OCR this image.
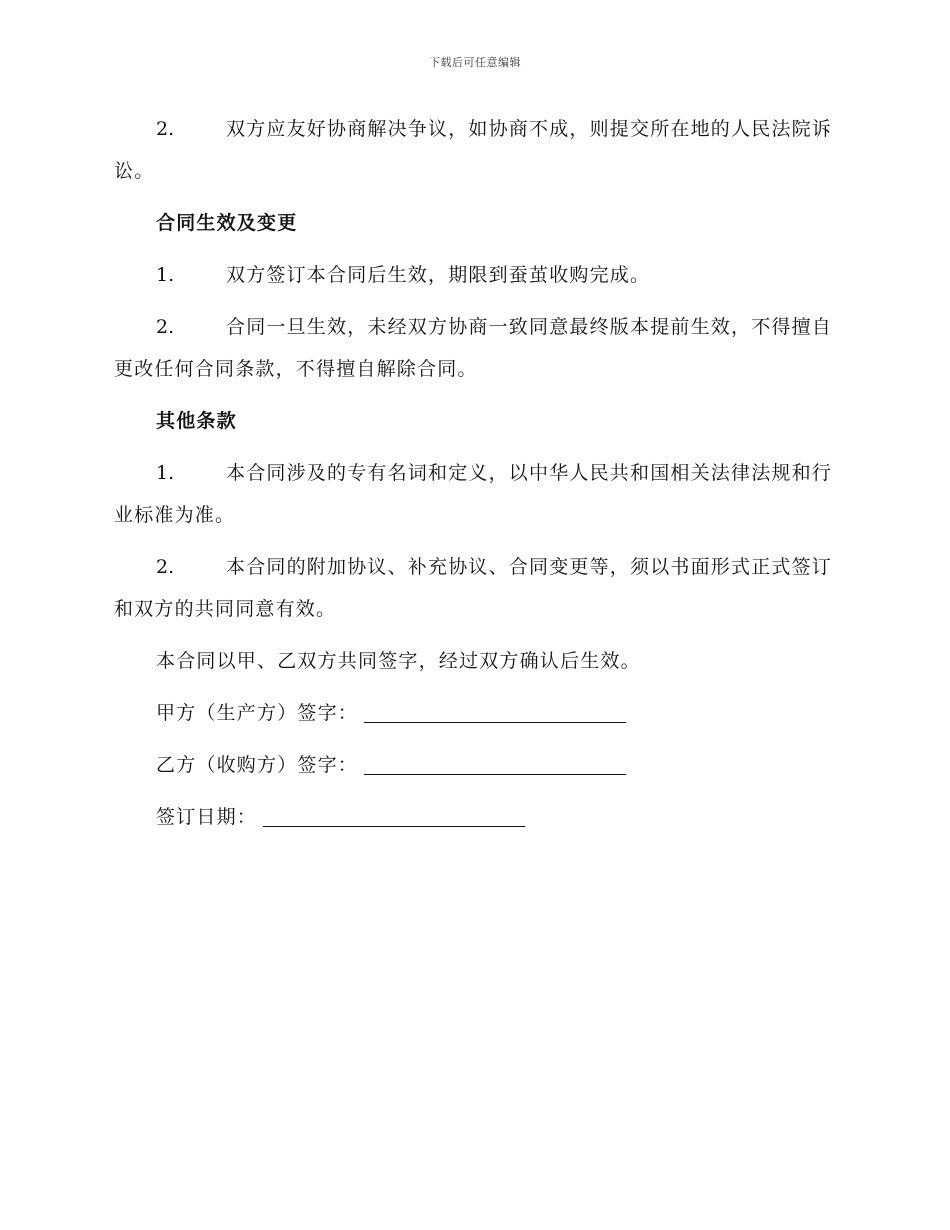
下载后可任意编辑

2.	双方应友好协商解决争议，如协商不成，则提交所在地的人民法院诉讼。

合同生效及变更

1.	双方签订本合同后生效，期限到蚕茧收购完成。

2.	合同一旦生效，未经双方协商一致同意最终版本提前生效，不得擅自更改任何合同条款，不得擅自解除合同。

其他条款

1.	本合同涉及的专有名词和定义，以中华人民共和国相关法律法规和行业标准为准。

2.	本合同的附加协议、补充协议、合同变更等，须以书面形式正式签订和双方的共同同意有效。

本合同以甲、乙双方共同签字，经过双方确认后生效。
甲方（生产方）签字：
乙方（收购方）签字：
签订日期：
